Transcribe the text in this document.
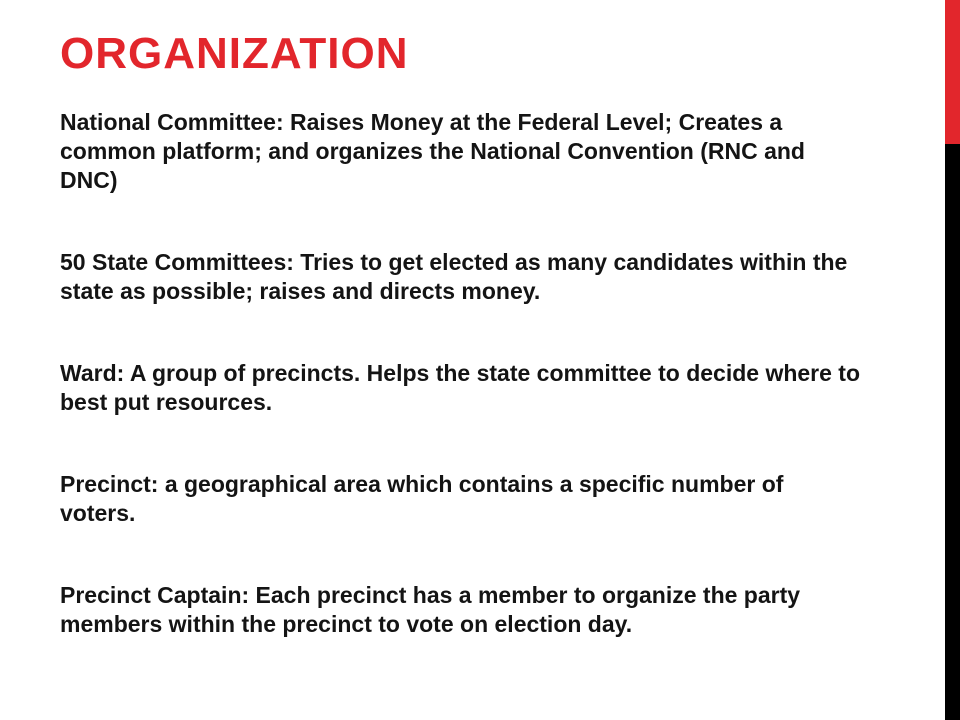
ORGANIZATION

National Committee: Raises Money at the Federal Level; Creates a common platform; and organizes the National Convention (RNC and DNC)

50 State Committees: Tries to get elected as many candidates within the state as possible; raises and directs money.

Ward: A group of precincts. Helps the state committee to decide where to best put resources.

Precinct: a geographical area which contains a specific number of voters.

Precinct Captain: Each precinct has a member to organize the party members within the precinct to vote on election day.
